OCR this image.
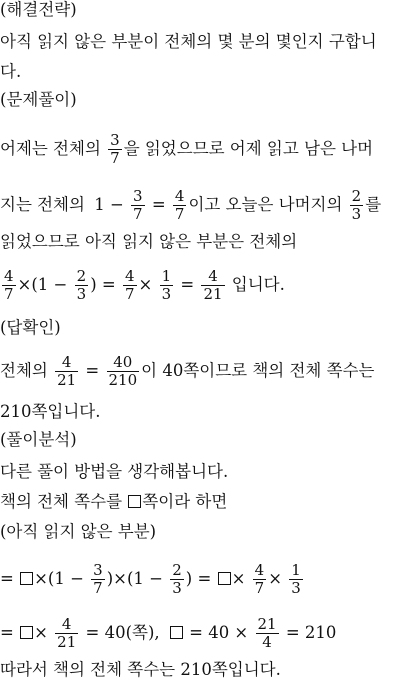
(해결전략)
아직 읽지 않은 부분이 전체의 몇 분의 몇인지 구합니
다.
(문제풀이)
어제는 전체의 $\frac{3}{7}$ 을 읽었으므로 어제 읽고 남은 나머
지는 전체의 $1 - \frac{3}{7} = \frac{4}{7}$ 이고 오늘은 나머지의 $\frac{2}{3}$ 를
읽었으므로 아직 읽지 않은 부분은 전체의
$\frac{4}{7} \times(1 - \frac{2}{3}$ ) = $\frac{4}{7} \times \frac{1}{3} = \frac{4}{21}$ 입니다.
(답확인)
전체의 $\frac{4}{21} = \frac{40}{210}$ 이 40쪽이므로 책의 전체 쪽수는
210쪽입니다.
(풀이분석)
다른 풀이 방법을 생각해봅니다.
책의 전체 쪽수를 쪽이라 하면
(아직 읽지 않은 부분)
= $\times(1 - \frac{3}{7} )\times(1 - \frac{2}{3}$ ) = × $\frac{4}{7} \times \frac{1}{3}$
= × $\frac{4}{21} = 40$(쪽), = $40 \times \frac{21}{4} = 210$
따라서 책의 전체 쪽수는 210쪽입니다.
